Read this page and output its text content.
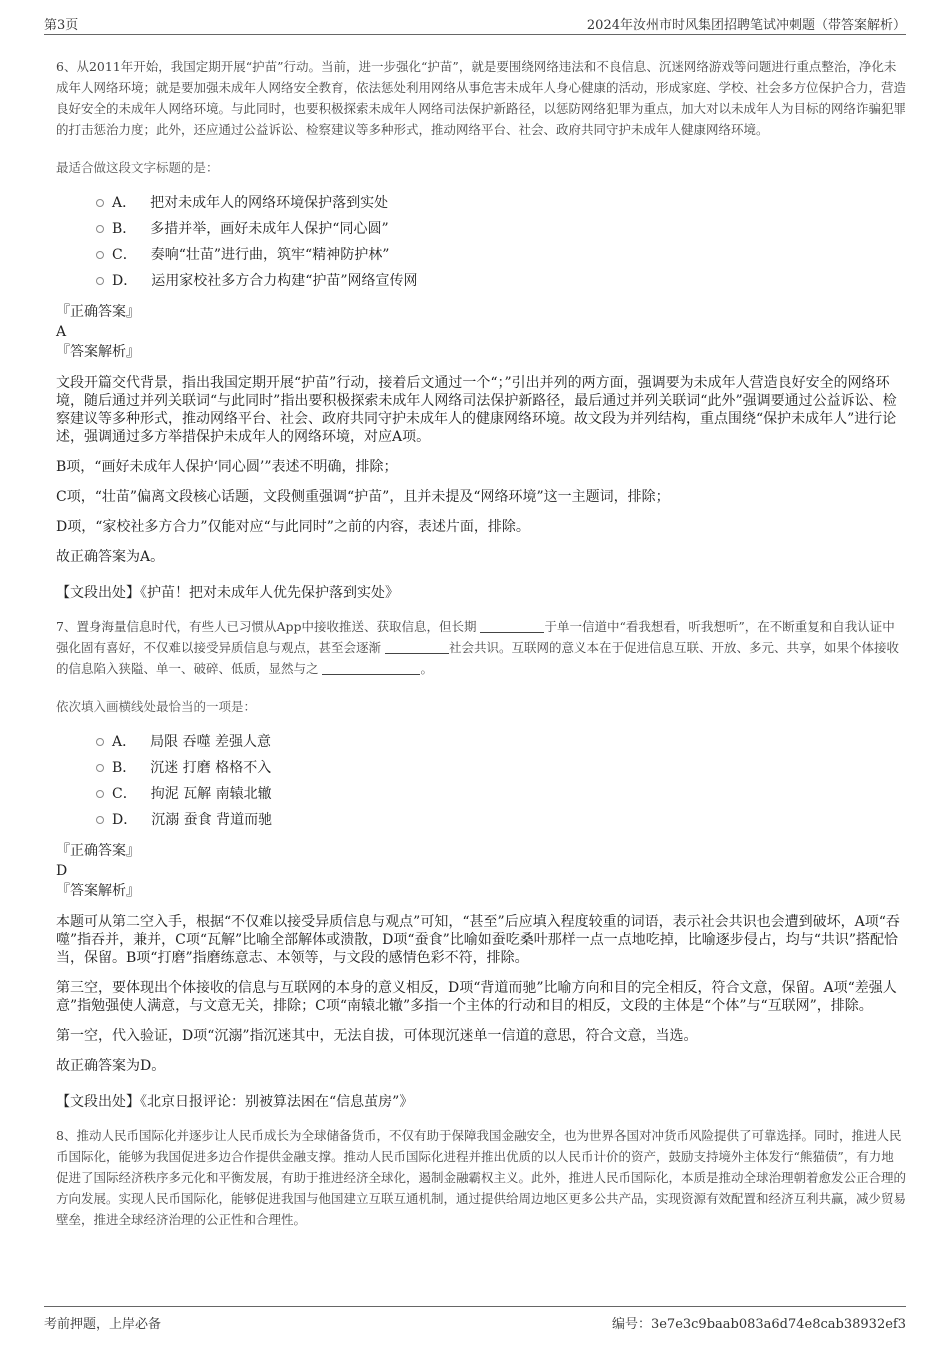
第3页	2024年汝州市时风集团招聘笔试冲刺题（带答案解析）
6、从2011年开始，我国定期开展“护苗”行动。当前，进一步强化“护苗”，就是要围绕网络违法和不良信息、沉迷网络游戏等问题进行重点整治，净化未成年人网络环境；就是要加强未成年人网络安全教育，依法惩处利用网络从事危害未成年人身心健康的活动，形成家庭、学校、社会多方位保护合力，营造良好安全的未成年人网络环境。与此同时，也要积极探索未成年人网络司法保护新路径，以惩防网络犯罪为重点，加大对以未成年人为目标的网络诈骗犯罪的打击惩治力度；此外，还应通过公益诉讼、检察建议等多种形式，推动网络平台、社会、政府共同守护未成年人健康网络环境。
最适合做这段文字标题的是：
A． 把对未成年人的网络环境保护落到实处
B． 多措并举，画好未成年人保护“同心圆”
C． 奏响“壮苗”进行曲，筑牢“精神防护林”
D． 运用家校社多方合力构建“护苗”网络宣传网
『正确答案』
A
『答案解析』

文段开篇交代背景，指出我国定期开展“护苗”行动，接着后文通过一个“；”引出并列的两方面，强调要为未成年人营造良好安全的网络环境，随后通过并列关联词“与此同时”指出要积极探索未成年人网络司法保护新路径，最后通过并列关联词“此外”强调要通过公益诉讼、检察建议等多种形式，推动网络平台、社会、政府共同守护未成年人的健康网络环境。故文段为并列结构，重点围绕“保护未成年人”进行论述，强调通过多方举措保护未成年人的网络环境，对应A项。

B项，“画好未成年人保护‘同心圆’”表述不明确，排除；

C项，“壮苗”偏离文段核心话题，文段侧重强调“护苗”，且并未提及“网络环境”这一主题词，排除；

D项，“家校社多方合力”仅能对应“与此同时”之前的内容，表述片面，排除。

故正确答案为A。

【文段出处】《护苗！把对未成年人优先保护落到实处》
7、置身海量信息时代，有些人已习惯从App中接收推送、获取信息，但长期	于单一信道中“看我想看，听我想听”，在不断重复和自我认证中强化固有喜好，不仅难以接受异质信息与观点，甚至会逐渐	社会共识。互联网的意义本在于促进信息互联、开放、多元、共享，如果个体接收的信息陷入狭隘、单一、破碎、低质，显然与之	。
依次填入画横线处最恰当的一项是：
A． 局限 吞噬 差强人意
B． 沉迷 打磨 格格不入
C． 拘泥 瓦解 南辕北辙
D． 沉溺 蚕食 背道而驰
『正确答案』
D
『答案解析』

本题可从第二空入手，根据“不仅难以接受异质信息与观点”可知，“甚至”后应填入程度较重的词语，表示社会共识也会遭到破坏，A项“吞噬”指吞并，兼并，C项“瓦解”比喻全部解体或溃散，D项“蚕食”比喻如蚕吃桑叶那样一点一点地吃掉，比喻逐步侵占，均与“共识”搭配恰当，保留。B项“打磨”指磨练意志、本领等，与文段的感情色彩不符，排除。

第三空，要体现出个体接收的信息与互联网的本身的意义相反，D项“背道而驰”比喻方向和目的完全相反，符合文意，保留。A项“差强人意”指勉强使人满意，与文意无关，排除；C项“南辕北辙”多指一个主体的行动和目的相反，文段的主体是“个体”与“互联网”，排除。

第一空，代入验证，D项“沉溺”指沉迷其中，无法自拔，可体现沉迷单一信道的意思，符合文意，当选。

故正确答案为D。

【文段出处】《北京日报评论：别被算法困在“信息茧房”》
8、推动人民币国际化并逐步让人民币成长为全球储备货币，不仅有助于保障我国金融安全，也为世界各国对冲货币风险提供了可靠选择。同时，推进人民币国际化，能够为我国促进多边合作提供金融支撑。推动人民币国际化进程并推出优质的以人民币计价的资产，鼓励支持境外主体发行“熊猫债”，有力地促进了国际经济秩序多元化和平衡发展，有助于推进经济全球化，遏制金融霸权主义。此外，推进人民币国际化，本质是推动全球治理朝着愈发公正合理的方向发展。实现人民币国际化，能够促进我国与他国建立互联互通机制，通过提供给周边地区更多公共产品，实现资源有效配置和经济互利共赢，减少贸易壁垒，推进全球经济治理的公正性和合理性。
考前押题，上岸必备	编号：3e7e3c9baab083a6d74e8cab38932ef3
